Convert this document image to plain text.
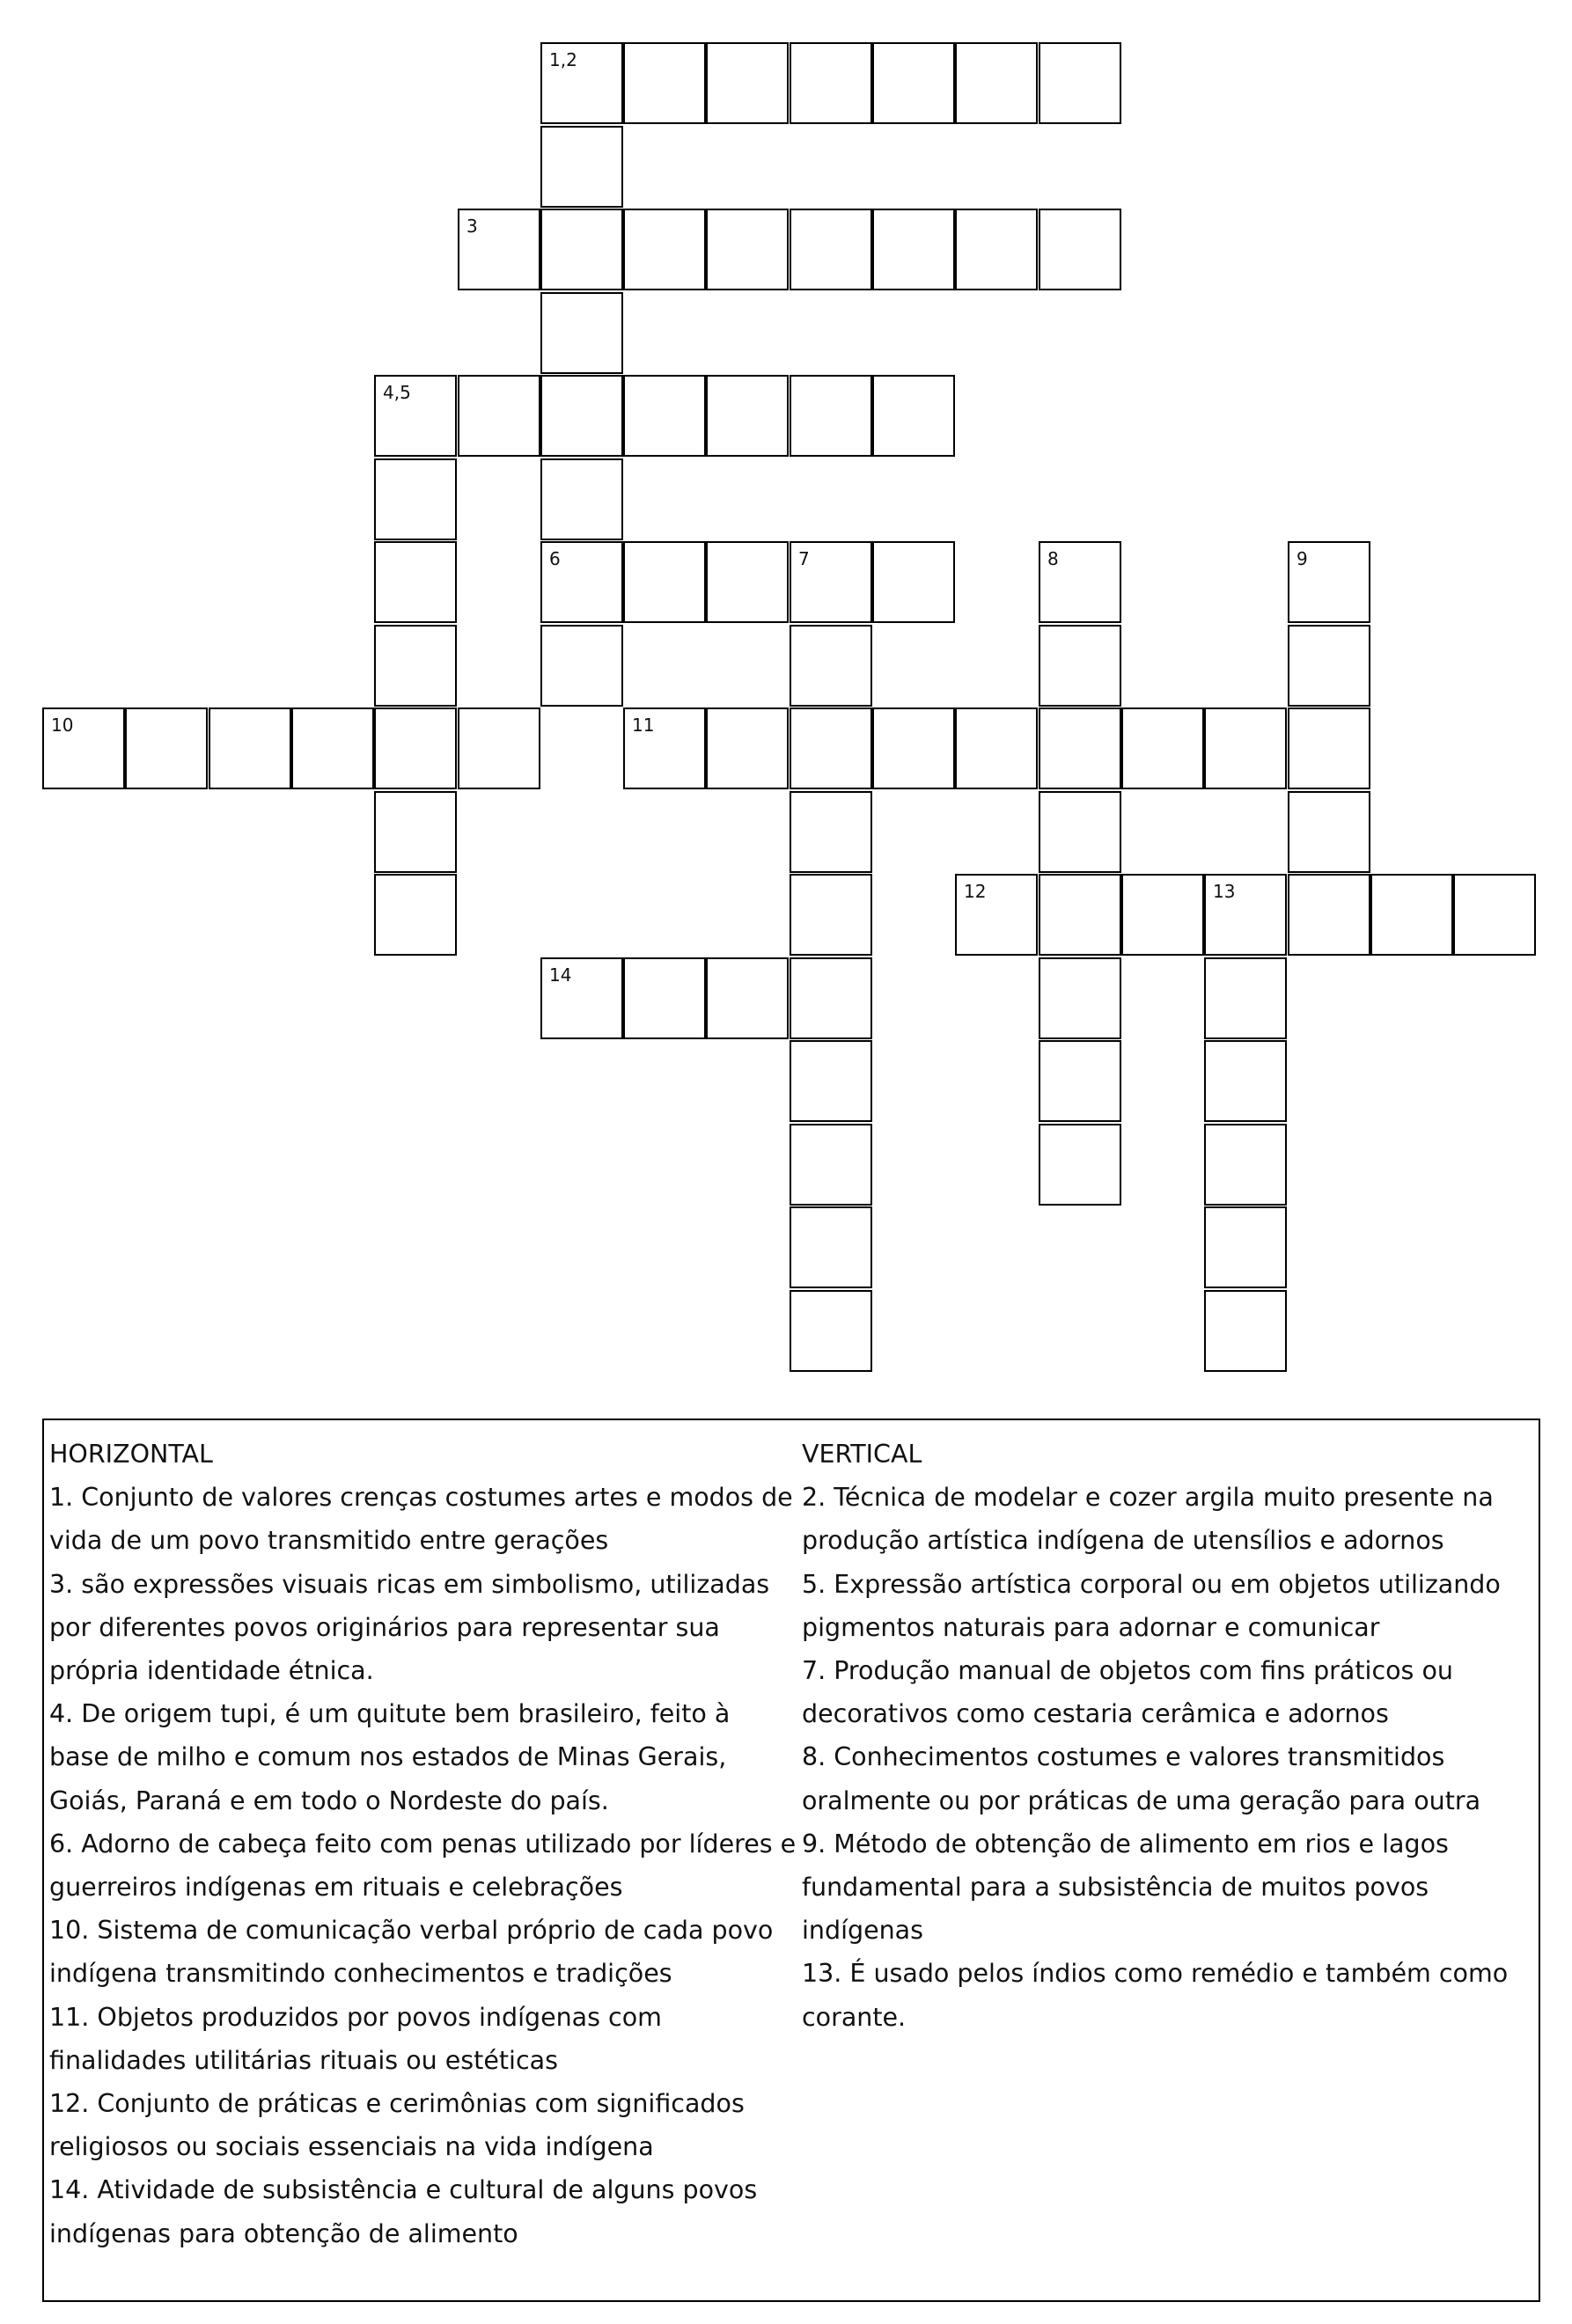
1,2
6
3
4,5
7	8	9
10	11
12	13
14

HORIZONTAL

1. Conjunto de valores crenças costumes artes e modos de vida de um povo transmitido entre gerações

3. são expressões visuais ricas em simbolismo, utilizadas por diferentes povos originários para representar sua própria identidade étnica.

4. De origem tupi, é um quitute bem brasileiro, feito à base de milho e comum nos estados de Minas Gerais, Goiás, Paraná e em todo o Nordeste do país.

6. Adorno de cabeça feito com penas utilizado por líderes e guerreiros indígenas em rituais e celebrações

10. Sistema de comunicação verbal próprio de cada povo indígena transmitindo conhecimentos e tradições

11. Objetos produzidos por povos indígenas com finalidades utilitárias rituais ou estéticas

12. Conjunto de práticas e cerimônias com significados religiosos ou sociais essenciais na vida indígena

14. Atividade de subsistência e cultural de alguns povos indígenas para obtenção de alimento

VERTICAL

2. Técnica de modelar e cozer argila muito presente na produção artística indígena de utensílios e adornos

5. Expressão artística corporal ou em objetos utilizando pigmentos naturais para adornar e comunicar

7. Produção manual de objetos com fins práticos ou decorativos como cestaria cerâmica e adornos

8. Conhecimentos costumes e valores transmitidos oralmente ou por práticas de uma geração para outra

9. Método de obtenção de alimento em rios e lagos fundamental para a subsistência de muitos povos indígenas

13. É usado pelos índios como remédio e também como corante.
